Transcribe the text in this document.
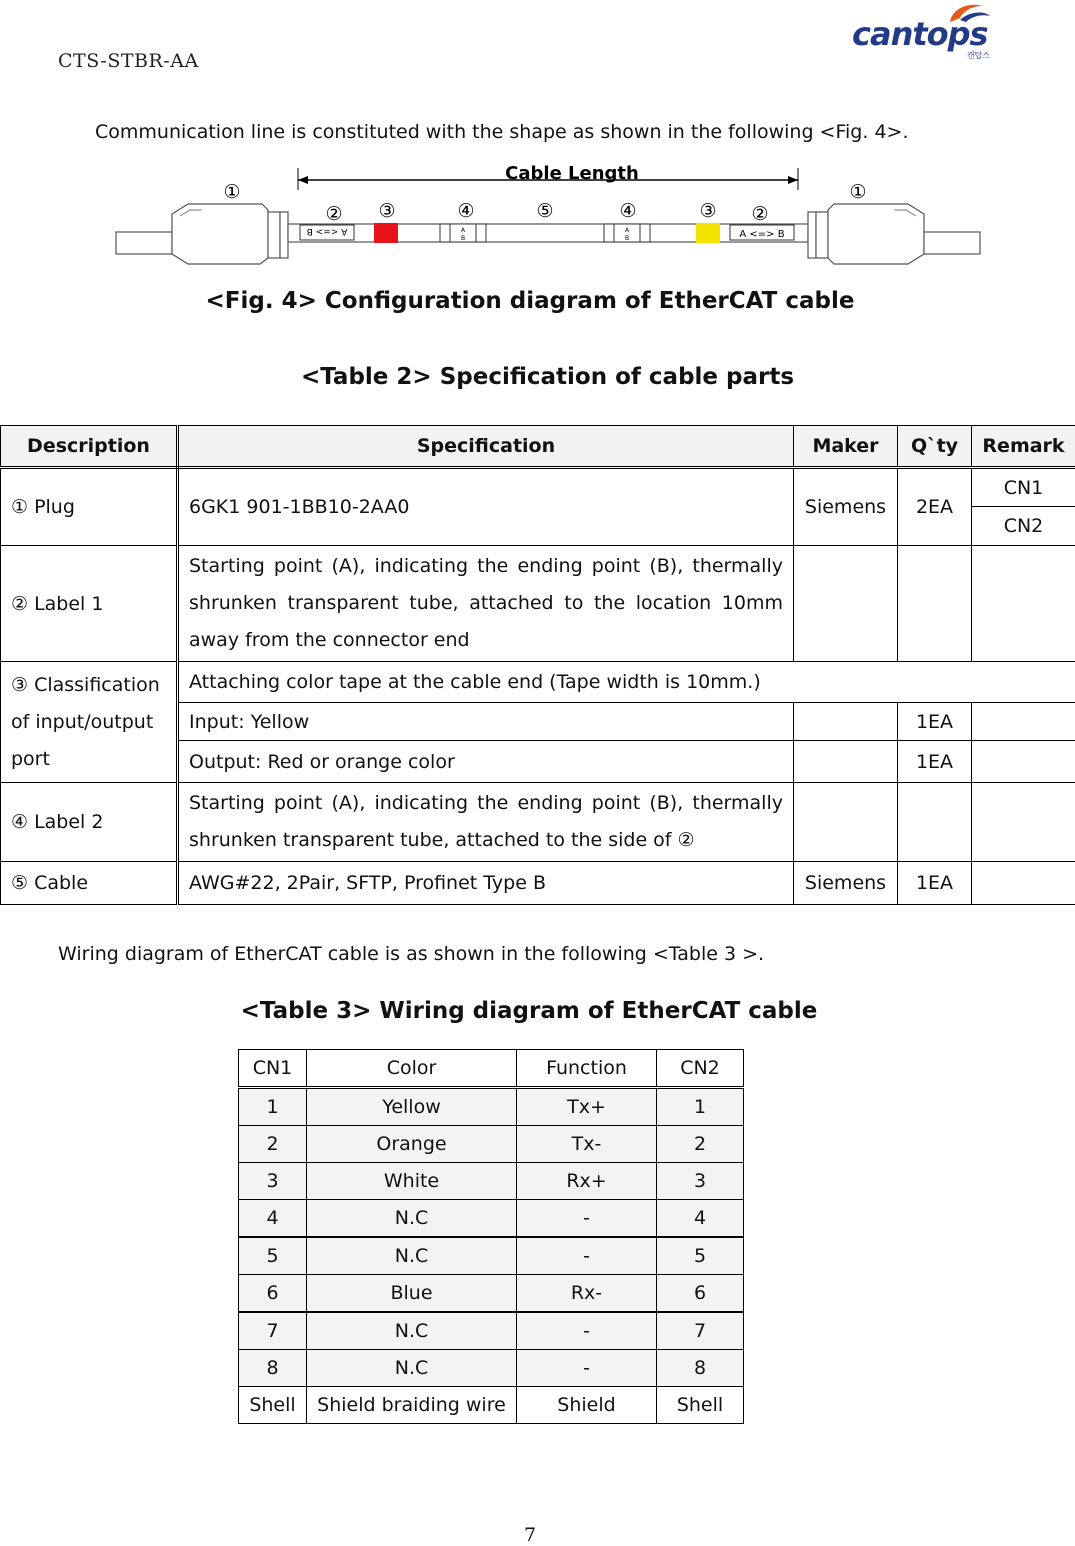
CTS-STBR-AA
cantops
캔탑스
Communication line is constituted with the shape as shown in the following <Fig. 4>.
Cable Length
A <=> B	A
B
A
B	A <=> B
①
② ③	④	⑤	④	③ ②
①
<Fig. 4> Configuration diagram of EtherCAT cable
<Table 2> Specification of cable parts
Description	Specification	Maker	Q`ty	Remark
① Plug	6GK1 901-1BB10-2AA0	Siemens	2EA	CN1
				CN2
② Label 1	Starting point (A), indicating the ending point (B), thermally shrunken transparent tube, attached to the location 10mm away from the connector end			
③ Classification of input/output port	Attaching color tape at the cable end (Tape width is 10mm.)			
	Input: Yellow		1EA	
	Output: Red or orange color		1EA	
④ Label 2	Starting point (A), indicating the ending point (B), thermally shrunken transparent tube, attached to the side of ②			
⑤ Cable	AWG#22, 2Pair, SFTP, Profinet Type B	Siemens	1EA	
Wiring diagram of EtherCAT cable is as shown in the following <Table 3 >.
<Table 3> Wiring diagram of EtherCAT cable
CN1	Color	Function	CN2
1	Yellow	Tx+	1
2	Orange	Tx-	2
3	White	Rx+	3
4	N.C	-	4
5	N.C	-	5
6	Blue	Rx-	6
7	N.C	-	7
8	N.C	-	8
Shell	Shield braiding wire	Shield	Shell
7
